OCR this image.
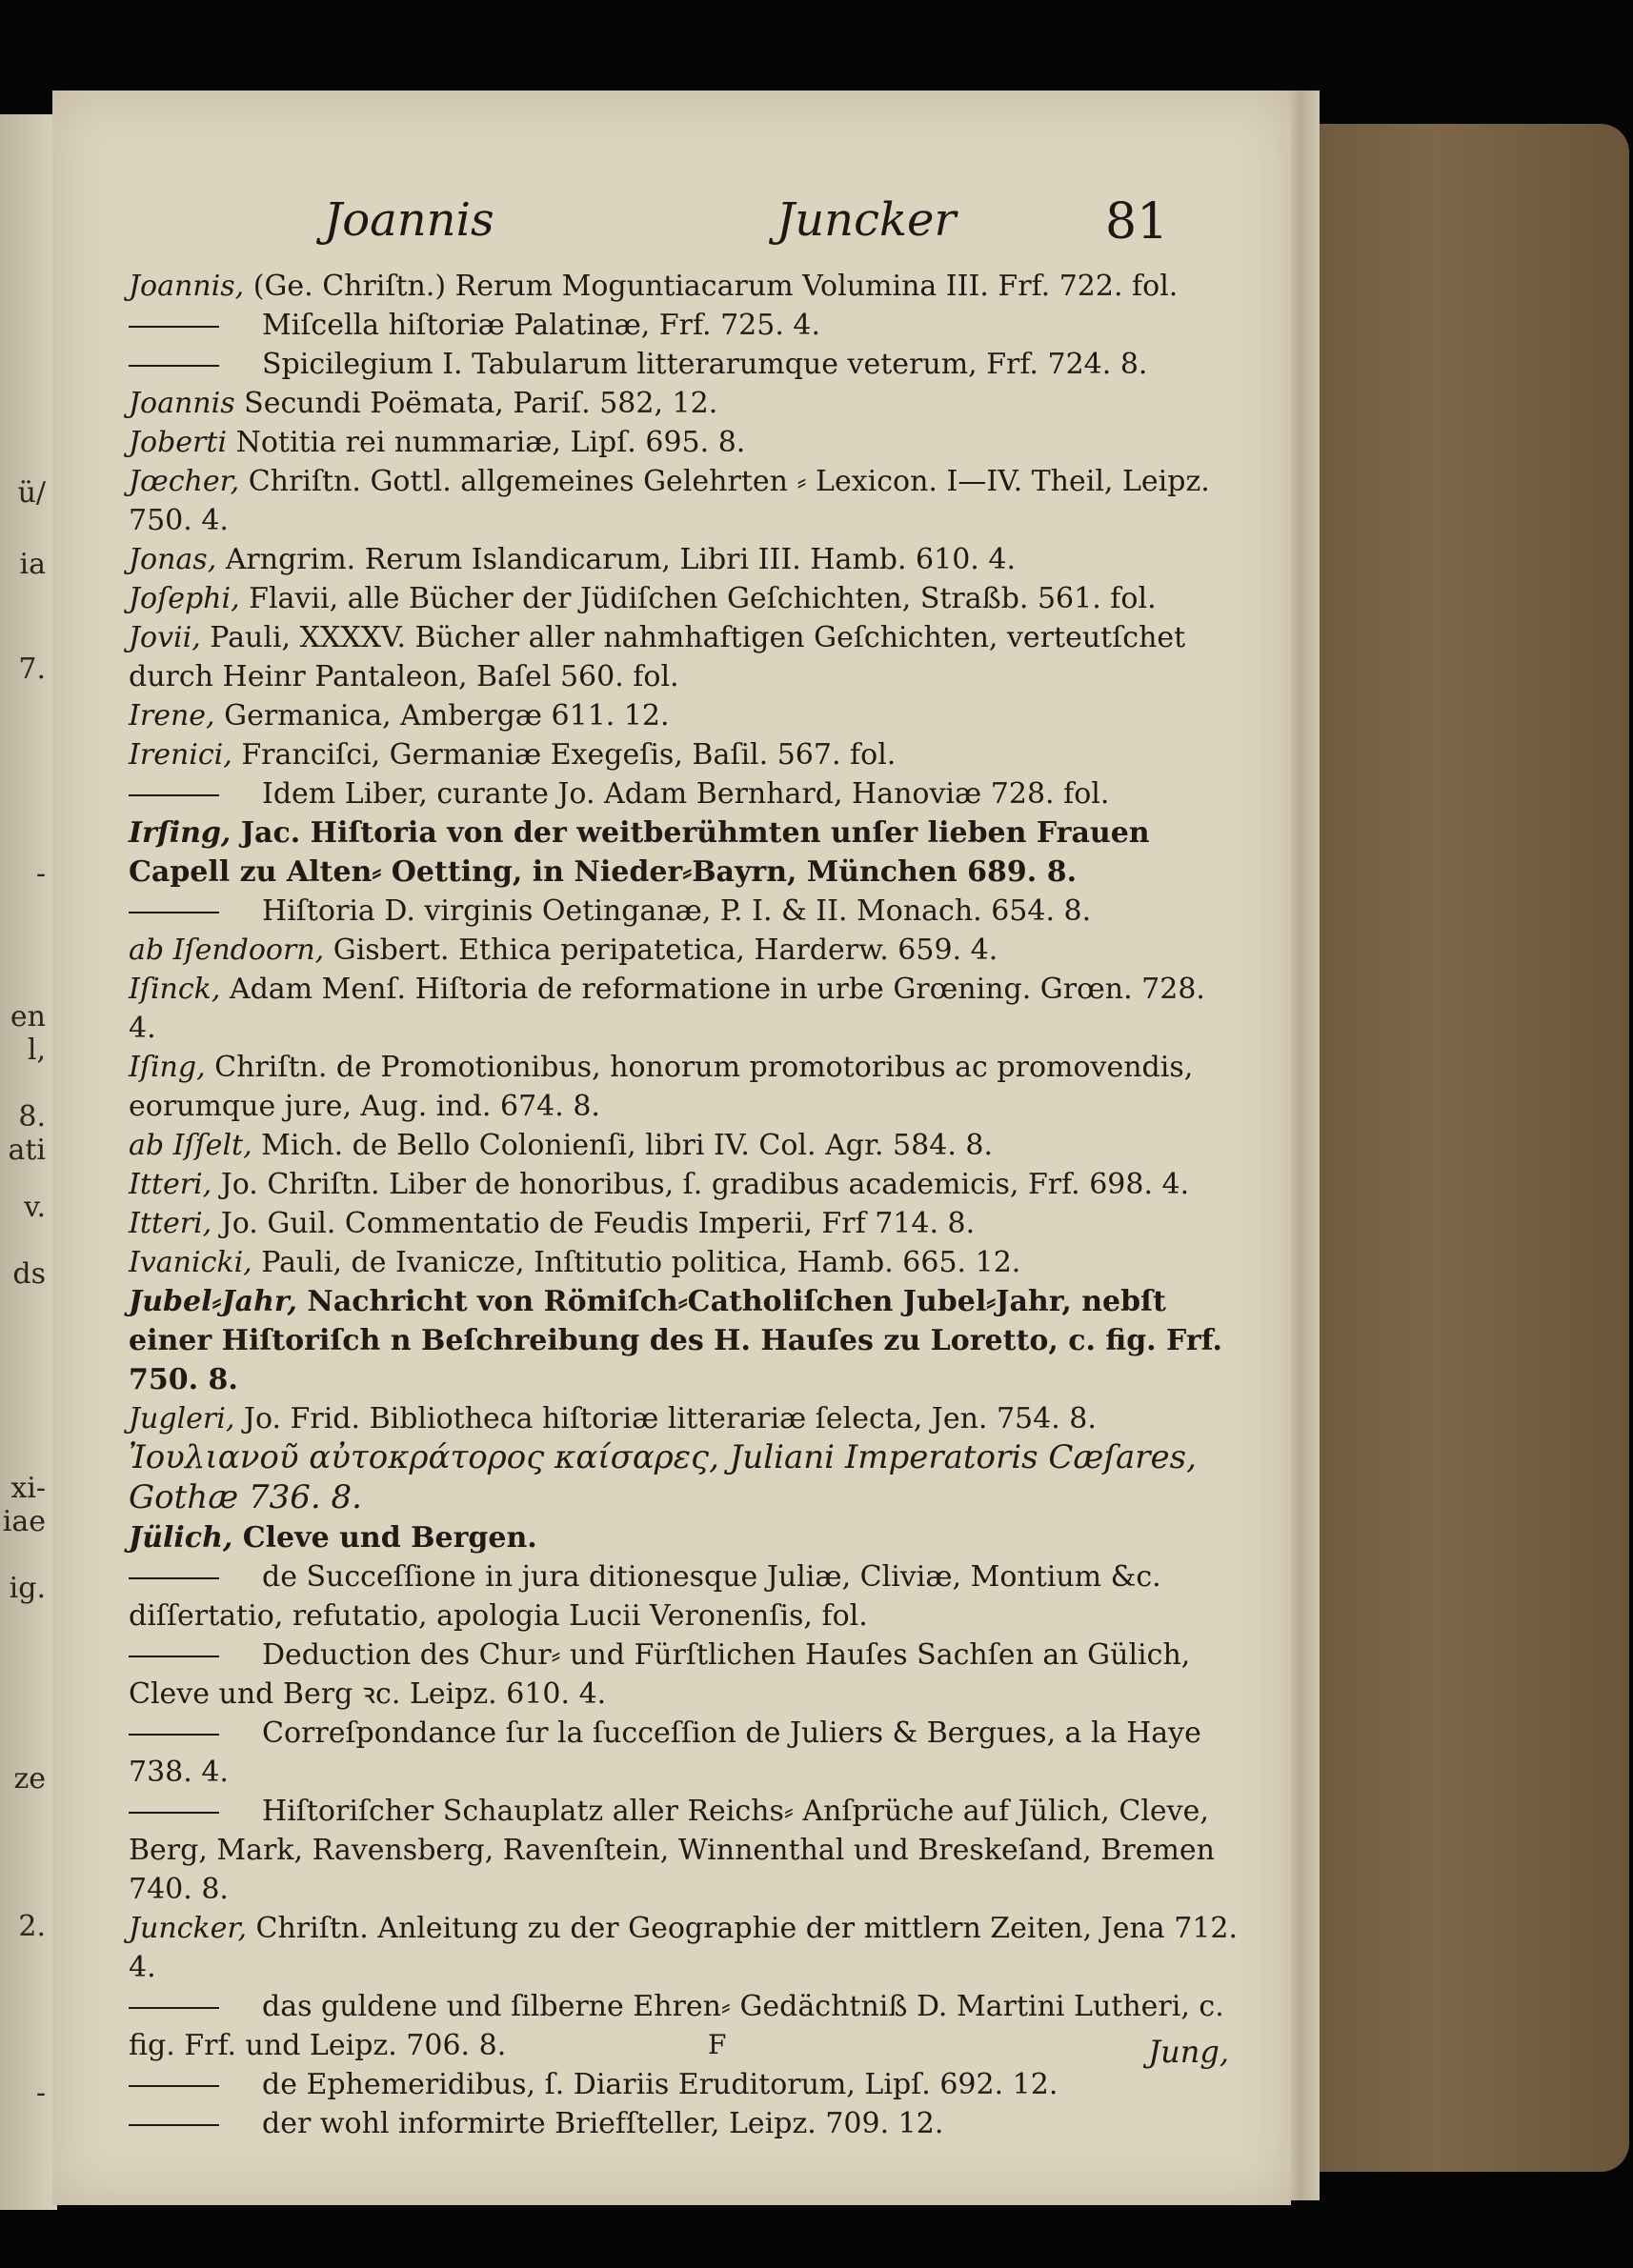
ü/
ia
7.
-
en
l,
8.
ati
v.
ds
xi-
iae
ig.
ze
2.
-
Joannis	Juncker	81
Joannis, (Ge. Chriſtn.) Rerum Moguntiacarum Volumina III. Frf. 722. fol.
Miſcella hiſtoriæ Palatinæ, Frf. 725. 4.
Spicilegium I. Tabularum litterarumque veterum, Frf. 724. 8.
Joannis Secundi Poëmata, Pariſ. 582, 12.
Joberti Notitia rei nummariæ, Lipſ. 695. 8.
Jœcher, Chriſtn. Gottl. allgemeines Gelehrten ⸗ Lexicon. I—IV. Theil, Leipz. 750. 4.
Jonas, Arngrim. Rerum Islandicarum, Libri III. Hamb. 610. 4.
Joſephi, Flavii, alle Bücher der Jüdiſchen Geſchichten, Straßb. 561. fol.
Jovii, Pauli, XXXXV. Bücher aller nahmhaftigen Geſchichten, verteutſchet durch Heinr Pantaleon, Baſel 560. fol.
Irene, Germanica, Ambergæ 611. 12.
Irenici, Franciſci, Germaniæ Exegeſis, Baſil. 567. fol.
Idem Liber, curante Jo. Adam Bernhard, Hanoviæ 728. fol.
Irſing, Jac. Hiſtoria von der weitberühmten unſer lieben Frauen Capell zu Alten⸗ Oetting, in Nieder⸗Bayrn, München 689. 8.
Hiſtoria D. virginis Oetinganæ, P. I. & II. Monach. 654. 8.
ab Iſendoorn, Gisbert. Ethica peripatetica, Harderw. 659. 4.
Iſinck, Adam Menſ. Hiſtoria de reformatione in urbe Grœning. Grœn. 728. 4.
Iſing, Chriſtn. de Promotionibus, honorum promotoribus ac promovendis, eorumque jure, Aug. ind. 674. 8.
ab Iſſelt, Mich. de Bello Colonienſi, libri IV. Col. Agr. 584. 8.
Itteri, Jo. Chriſtn. Liber de honoribus, ſ. gradibus academicis, Frf. 698. 4.
Itteri, Jo. Guil. Commentatio de Feudis Imperii, Frf 714. 8.
Ivanicki, Pauli, de Ivanicze, Inſtitutio politica, Hamb. 665. 12.
Jubel⸗Jahr, Nachricht von Römiſch⸗Catholiſchen Jubel⸗Jahr, nebſt einer Hiſtoriſch n Beſchreibung des H. Hauſes zu Loretto, c. fig. Frf. 750. 8.
Jugleri, Jo. Frid. Bibliotheca hiſtoriæ litterariæ ſelecta, Jen. 754. 8.
Ἰουλιανοῦ αὐτοκράτορος καίσαρες, Juliani Imperatoris Cæſares, Gothæ 736. 8.
Jülich, Cleve und Bergen.
de Succeſſione in jura ditionesque Juliæ, Cliviæ, Montium &c. diſſertatio, refutatio, apologia Lucii Veronenſis, fol.
Deduction des Chur⸗ und Fürſtlichen Hauſes Sachſen an Gülich, Cleve und Berg ꝛc. Leipz. 610. 4.
Correſpondance ſur la ſucceſſion de Juliers & Bergues, a la Haye 738. 4.
Hiſtoriſcher Schauplatz aller Reichs⸗ Anſprüche auf Jülich, Cleve, Berg, Mark, Ravensberg, Ravenſtein, Winnenthal und Breskeſand, Bremen 740. 8.
Juncker, Chriſtn. Anleitung zu der Geographie der mittlern Zeiten, Jena 712. 4.
das guldene und ſilberne Ehren⸗ Gedächtniß D. Martini Lutheri, c. fig. Frf. und Leipz. 706. 8.
de Ephemeridibus, ſ. Diariis Eruditorum, Lipſ. 692. 12.
der wohl informirte Briefſteller, Leipz. 709. 12.
F	Jung,
